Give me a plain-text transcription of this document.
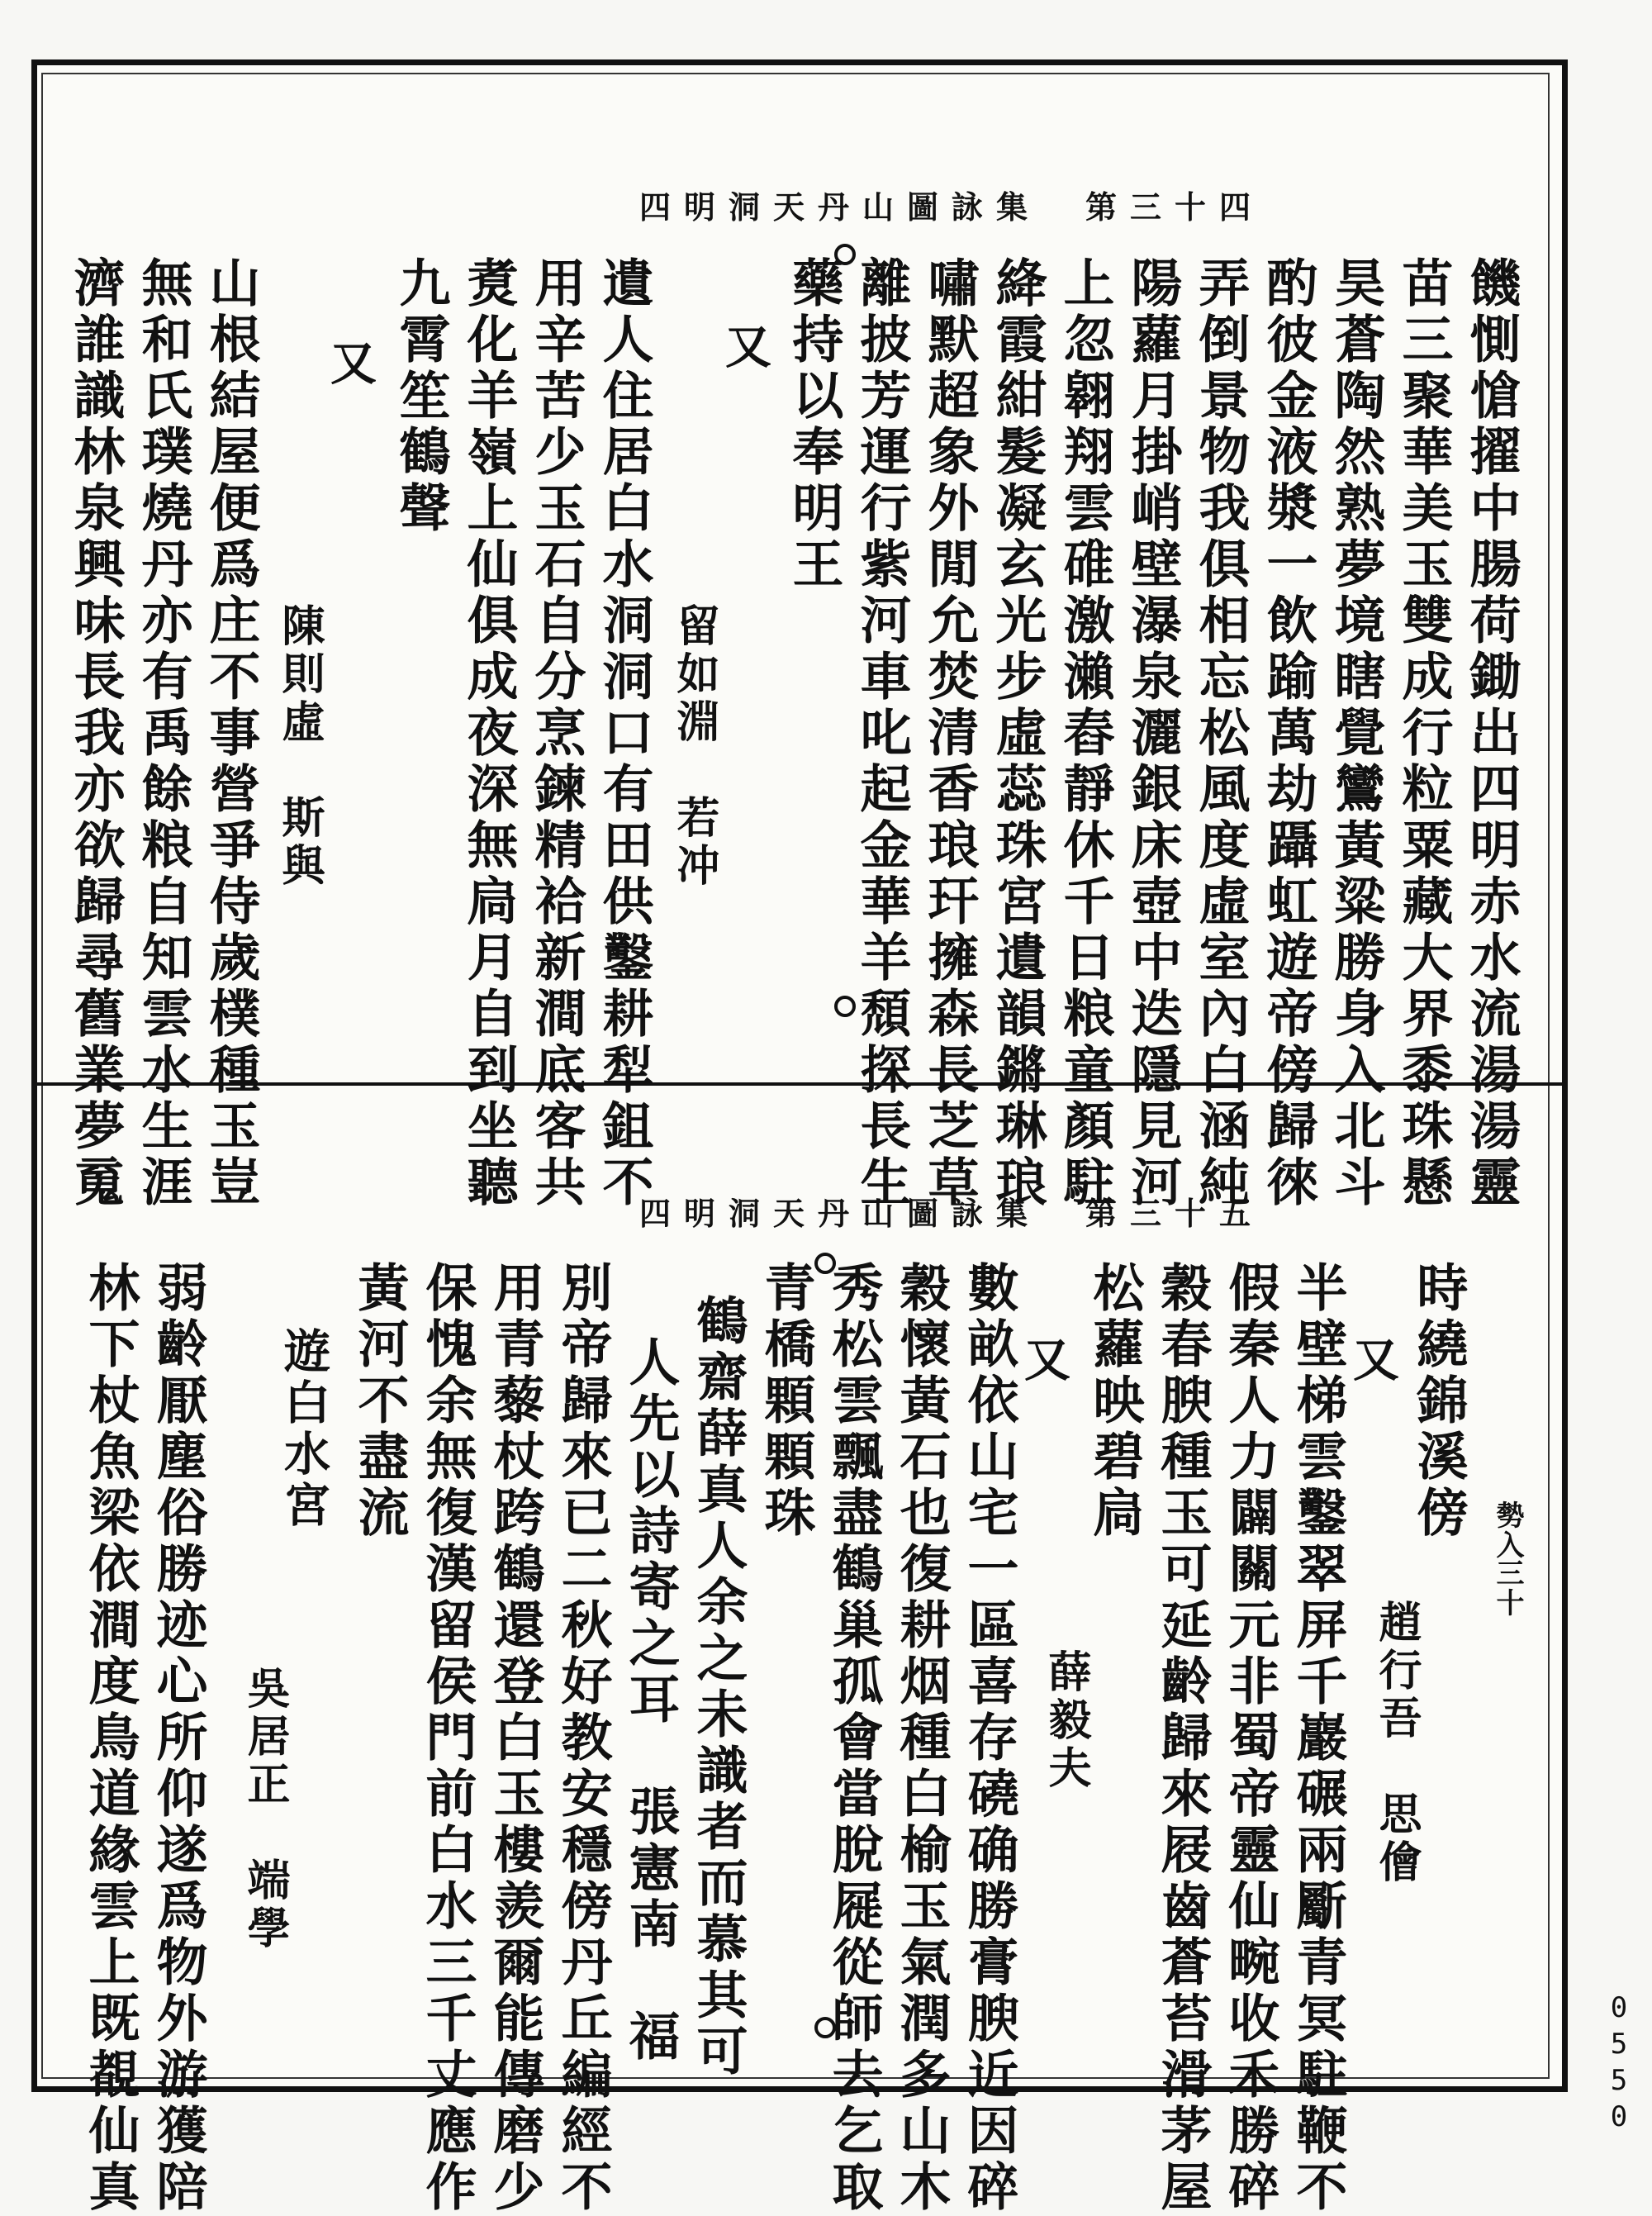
四明洞天丹山圖詠集　第三十四
饑惻愴擢中腸荷鋤出四明赤水流湯湯靈
苗三聚華美玉雙成行粒粟藏大界黍珠懸
昊蒼陶然熟夢境瞎覺鸞黃粱勝身入北斗
酌彼金液漿一飲踰萬劫躡虹遊帝傍歸徠
弄倒景物我俱相忘松風度虛室內白涵純
陽蘿月掛峭壁瀑泉灑銀床壺中迭隱見河
上忽翱翔雲碓激瀨舂靜休千日粮童顏駐
絳霞紺髮凝玄光步虛蕊珠宮遺韻鏘琳琅
嘯默超象外閒允焚清香琅玕擁森長芝草
離披芳運行紫河車叱起金華羊頹探長生
藥持以奉明王
又
留如淵　若冲
遺人住居白水洞洞口有田供鑿耕犁鉏不
用辛苦少玉石自分烹鍊精袷新澗底客共
煑化羊嶺上仙俱成夜深無扃月自到坐聽
九霄笙鶴聲
又
陳則虛　斯與
山根結屋便爲庄不事營爭侍歲樸種玉豈
無和氏璞燒丹亦有禹餘粮自知雲水生涯
濟誰識林泉興味長我亦欲歸尋舊業夢䰟
四明洞天丹山圖詠集　第三十五
勢入
三十
時繞錦溪傍
又
趙行吾　思儈
半壁梯雲鑿翠屏千巖碾兩斸青冥駐鞭不
假秦人力闢關元非蜀帝靈仙畹收禾勝碎
穀春腴種玉可延齡歸來屐齒蒼苔滑茅屋
松蘿映碧扃
又
薛毅夫
數畝依山宅一區喜存磽确勝膏腴近因碎
穀懷黃石也復耕烟種白榆玉氣潤多山木
秀松雲飄盡鶴巢孤會當脫屣從師去乞取
青橋顆顆珠
鶴齋薛真人余之未識者而慕其可
人先以詩寄之耳　張憲南　福
別帝歸來已二秋好教安穩傍丹丘編經不
用青藜杖跨鶴還登白玉樓羨爾能傳磨少
保愧余無復漢留侯門前白水三千丈應作
黃河不盡流
遊白水宮
吳居正　端學
弱齡厭塵俗勝迹心所仰遂爲物外游獲陪
林下杖魚梁依澗度鳥道緣雲上既覩仙真	0550
